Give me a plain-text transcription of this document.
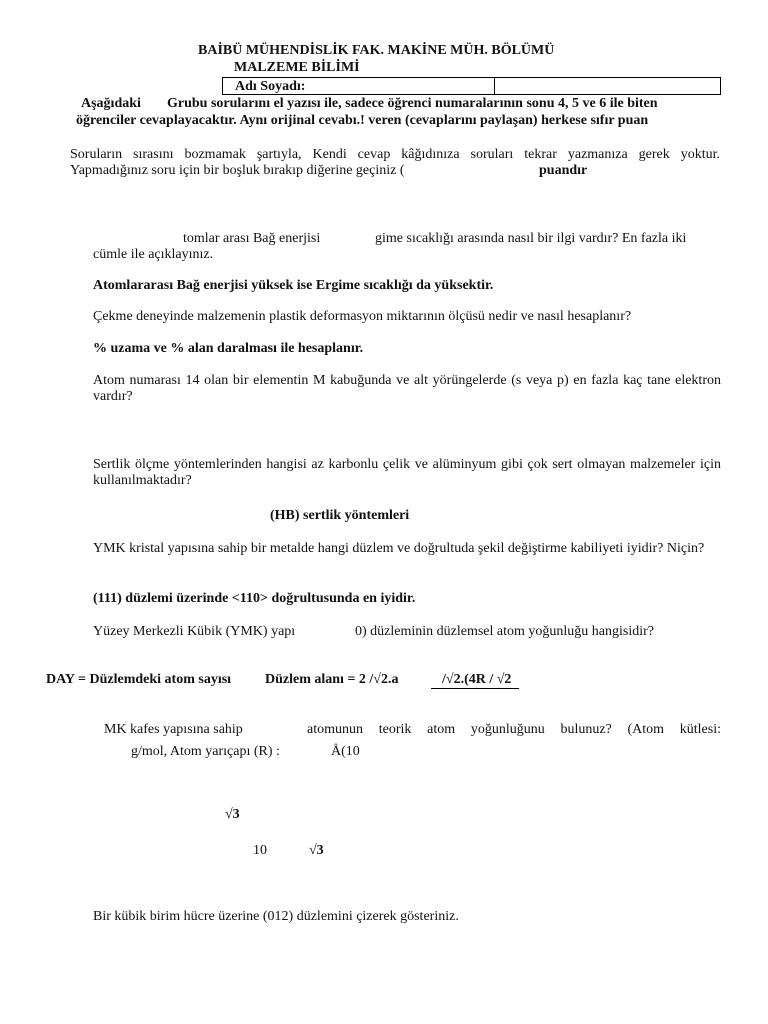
BAİBÜ MÜHENDİSLİK FAK. MAKİNE MÜH. BÖLÜMÜ
MALZEME BİLİMİ
Adı Soyadı:	
Aşağıdaki Grubu sorularını el yazısı ile, sadece öğrenci numaralarının sonu 4, 5 ve 6 ile biten
öğrenciler cevaplayacaktır. Aynı orijinal cevabı.! veren (cevaplarını paylaşan) herkese sıfır puan
Soruların sırasını bozmamak şartıyla, Kendi cevap kâğıdınıza soruları tekrar yazmanıza gerek yoktur.
Yapmadığınız soru için bir boşluk bırakıp diğerine geçiniz (	puandır
tomlar arası Bağ enerjisi	gime sıcaklığı arasında nasıl bir ilgi vardır? En fazla iki
cümle ile açıklayınız.
Atomlararası Bağ enerjisi yüksek ise Ergime sıcaklığı da yüksektir.
Çekme deneyinde malzemenin plastik deformasyon miktarının ölçüsü nedir ve nasıl hesaplanır?
% uzama ve % alan daralması ile hesaplanır.
Atom numarası 14 olan bir elementin M kabuğunda ve alt yörüngelerde (s veya p) en fazla kaç tane elektron vardır?
Sertlik ölçme yöntemlerinden hangisi az karbonlu çelik ve alüminyum gibi çok sert olmayan malzemeler için kullanılmaktadır?
(HB) sertlik yöntemleri
YMK kristal yapısına sahip bir metalde hangi düzlem ve doğrultuda şekil değiştirme kabiliyeti iyidir? Niçin?
(111) düzlemi üzerinde <110> doğrultusunda en iyidir.
Yüzey Merkezli Kübik (YMK) yapı	0) düzleminin düzlemsel atom yoğunluğu hangisidir?
DAY = Düzlemdeki atom sayısı Düzlem alanı = 2 /√2.a	/√2.(4R / √2
MK kafes yapısına sahip	atomunun teorik atom yoğunluğunu bulunuz? (Atom kütlesi:
g/mol, Atom yarıçapı (R) :	Å(10
√3
10	√3
Bir kübik birim hücre üzerine (012) düzlemini çizerek gösteriniz.
